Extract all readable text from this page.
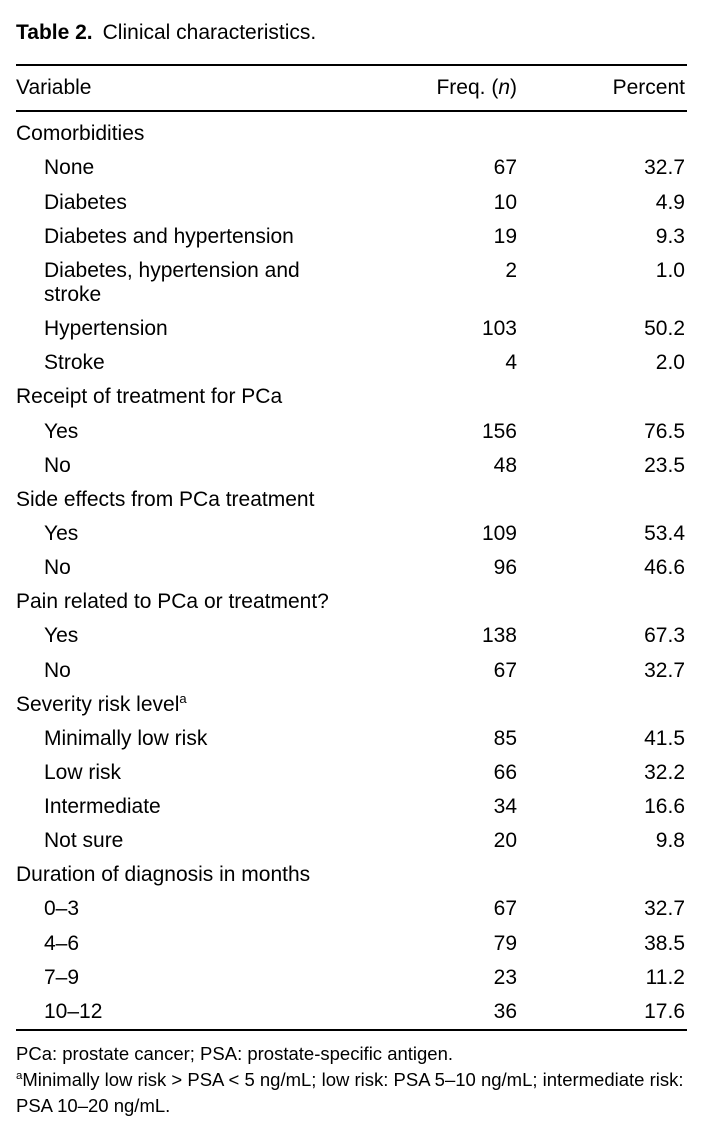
Table 2. Clinical characteristics.
Variable	Freq. (n)	Percent
Comorbidities		
None	67	32.7
Diabetes	10	4.9
Diabetes and hypertension	19	9.3
Diabetes, hypertension and
stroke	2	1.0
Hypertension	103	50.2
Stroke	4	2.0
Receipt of treatment for PCa		
Yes	156	76.5
No	48	23.5
Side effects from PCa treatment		
Yes	109	53.4
No	96	46.6
Pain related to PCa or treatment?		
Yes	138	67.3
No	67	32.7
Severity risk level$^a$		
Minimally low risk	85	41.5
Low risk	66	32.2
Intermediate	34	16.6
Not sure	20	9.8
Duration of diagnosis in months		
0–3	67	32.7
4–6	79	38.5
7–9	23	11.2
10–12	36	17.6

PCa: prostate cancer; PSA: prostate-specific antigen.

$^a$Minimally low risk > PSA < 5 ng/mL; low risk: PSA 5–10 ng/mL; intermediate risk: PSA 10–20 ng/mL.
